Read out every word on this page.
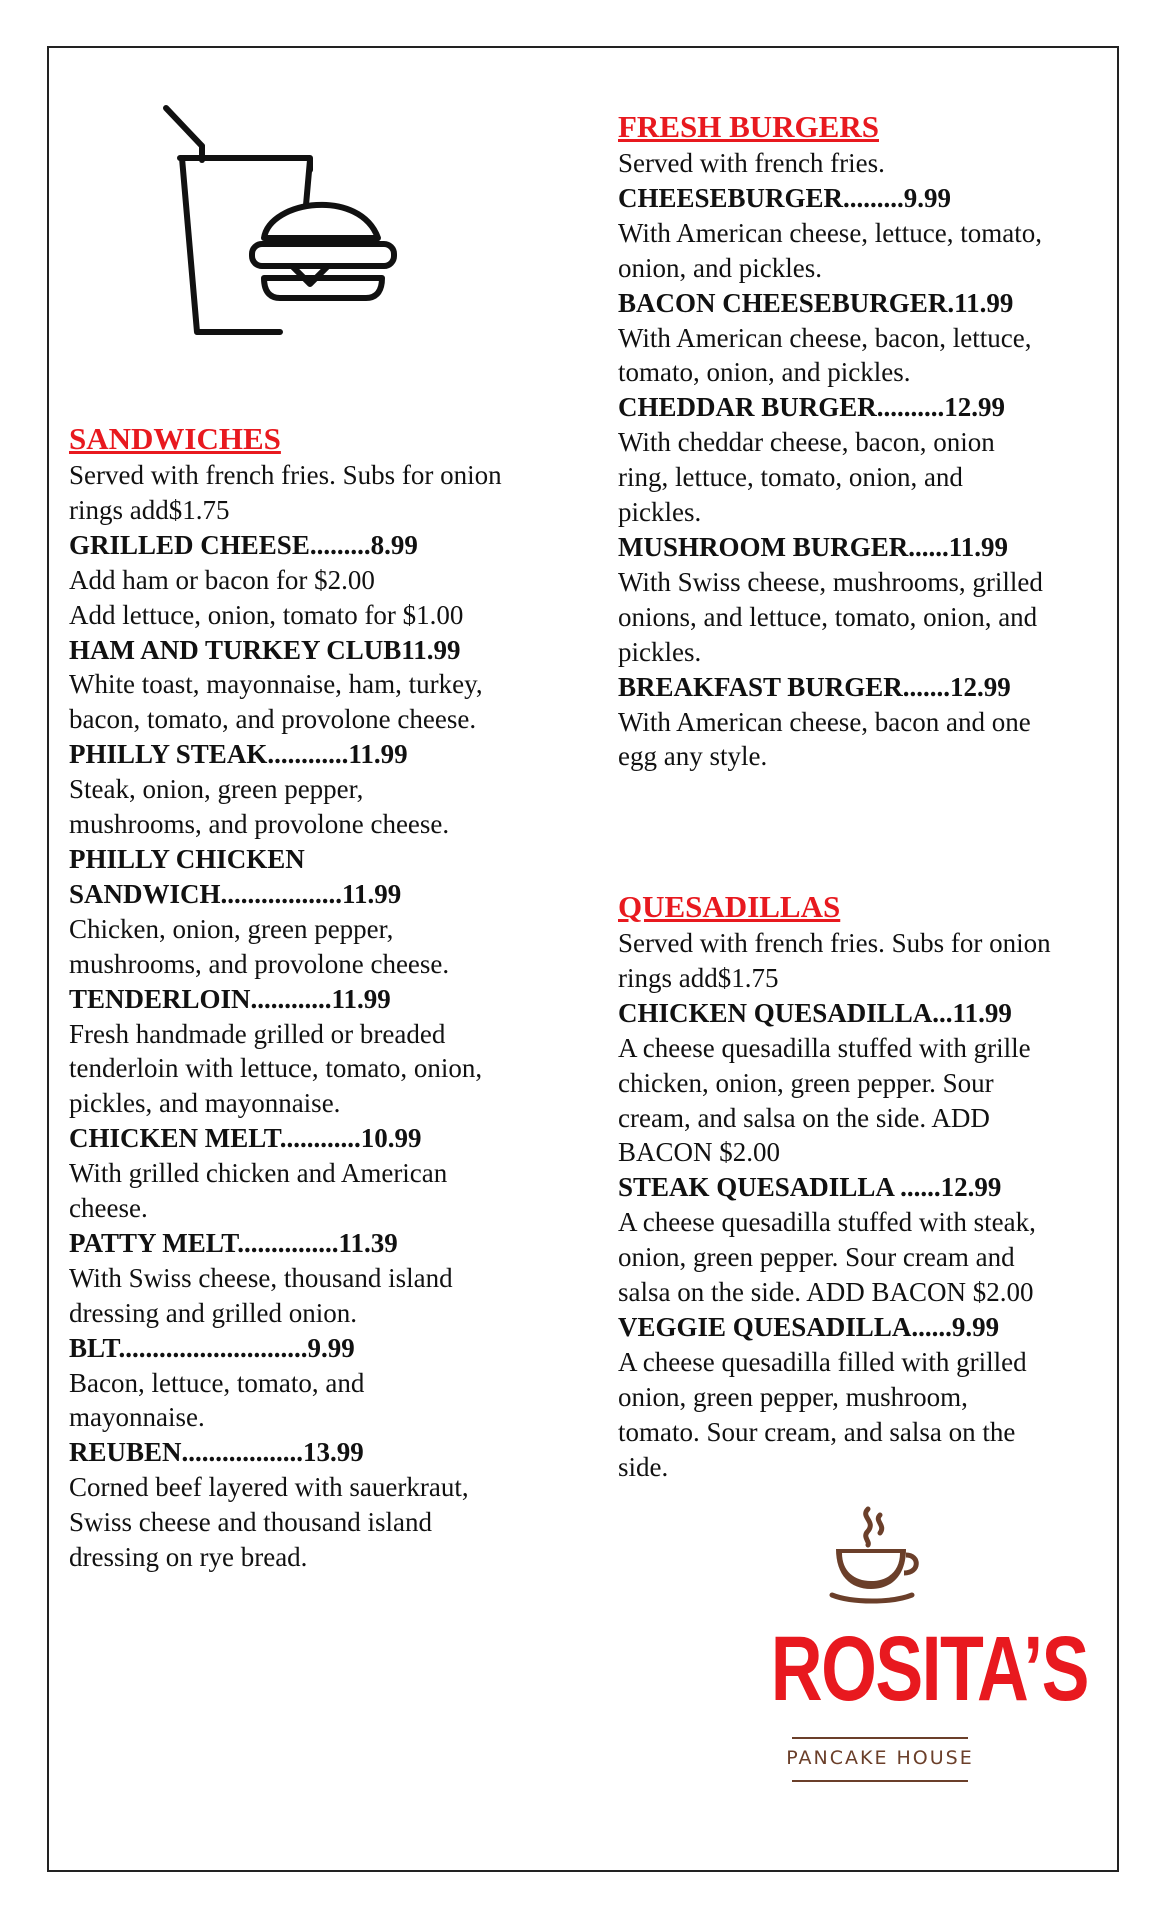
SANDWICHES

Served with french fries. Subs for onion

rings add$1.75

GRILLED CHEESE.........8.99

Add ham or bacon for $2.00

Add lettuce, onion, tomato for $1.00

HAM AND TURKEY CLUB11.99

White toast, mayonnaise, ham, turkey,

bacon, tomato, and provolone cheese.

PHILLY STEAK............11.99

Steak, onion, green pepper,

mushrooms, and provolone cheese.

PHILLY CHICKEN

SANDWICH..................11.99

Chicken, onion, green pepper,

mushrooms, and provolone cheese.

TENDERLOIN............11.99

Fresh handmade grilled or breaded

tenderloin with lettuce, tomato, onion,

pickles, and mayonnaise.

CHICKEN MELT............10.99

With grilled chicken and American

cheese.

PATTY MELT...............11.39

With Swiss cheese, thousand island

dressing and grilled onion.

BLT............................9.99

Bacon, lettuce, tomato, and

mayonnaise.

REUBEN..................13.99

Corned beef layered with sauerkraut,

Swiss cheese and thousand island

dressing on rye bread.

FRESH BURGERS

Served with french fries.

CHEESEBURGER.........9.99

With American cheese, lettuce, tomato,

onion, and pickles.

BACON CHEESEBURGER.11.99

With American cheese, bacon, lettuce,

tomato, onion, and pickles.

CHEDDAR BURGER..........12.99

With cheddar cheese, bacon, onion

ring, lettuce, tomato, onion, and

pickles.

MUSHROOM BURGER......11.99

With Swiss cheese, mushrooms, grilled

onions, and lettuce, tomato, onion, and

pickles.

BREAKFAST BURGER.......12.99

With American cheese, bacon and one

egg any style.

QUESADILLAS

Served with french fries. Subs for onion

rings add$1.75

CHICKEN QUESADILLA...11.99

A cheese quesadilla stuffed with grille

chicken, onion, green pepper. Sour

cream, and salsa on the side. ADD

BACON $2.00

STEAK QUESADILLA ......12.99

A cheese quesadilla stuffed with steak,

onion, green pepper. Sour cream and

salsa on the side. ADD BACON $2.00

VEGGIE QUESADILLA......9.99

A cheese quesadilla filled with grilled

onion, green pepper, mushroom,

tomato. Sour cream, and salsa on the

side.

ROSITA’S
PANCAKE HOUSE
